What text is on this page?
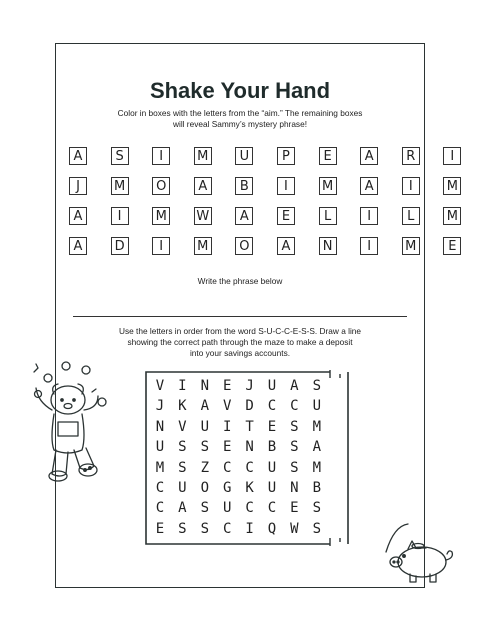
Shake Your Hand
Color in boxes with the letters from the “aim.” The remaining boxes
will reveal Sammy’s mystery phrase!
A	S	I	M	U	P	E	A	R	I
J	M O	A	B	I	M	A	I	M
A	I	M W	A	E	L	I	L	M
A	D	I	M O	A	N	I	M	E
Write the phrase below
Use the letters in order from the word S-U-C-C-E-S-S. Draw a line
showing the correct path through the maze to make a deposit
into your savings accounts.
V I N E J U A S
J K A V D C C U
N V U I T E S M
U S S E N B S A
M S Z C C U S M
C U O G K U N B
C A S U C C E S
E S S C I Q W S
